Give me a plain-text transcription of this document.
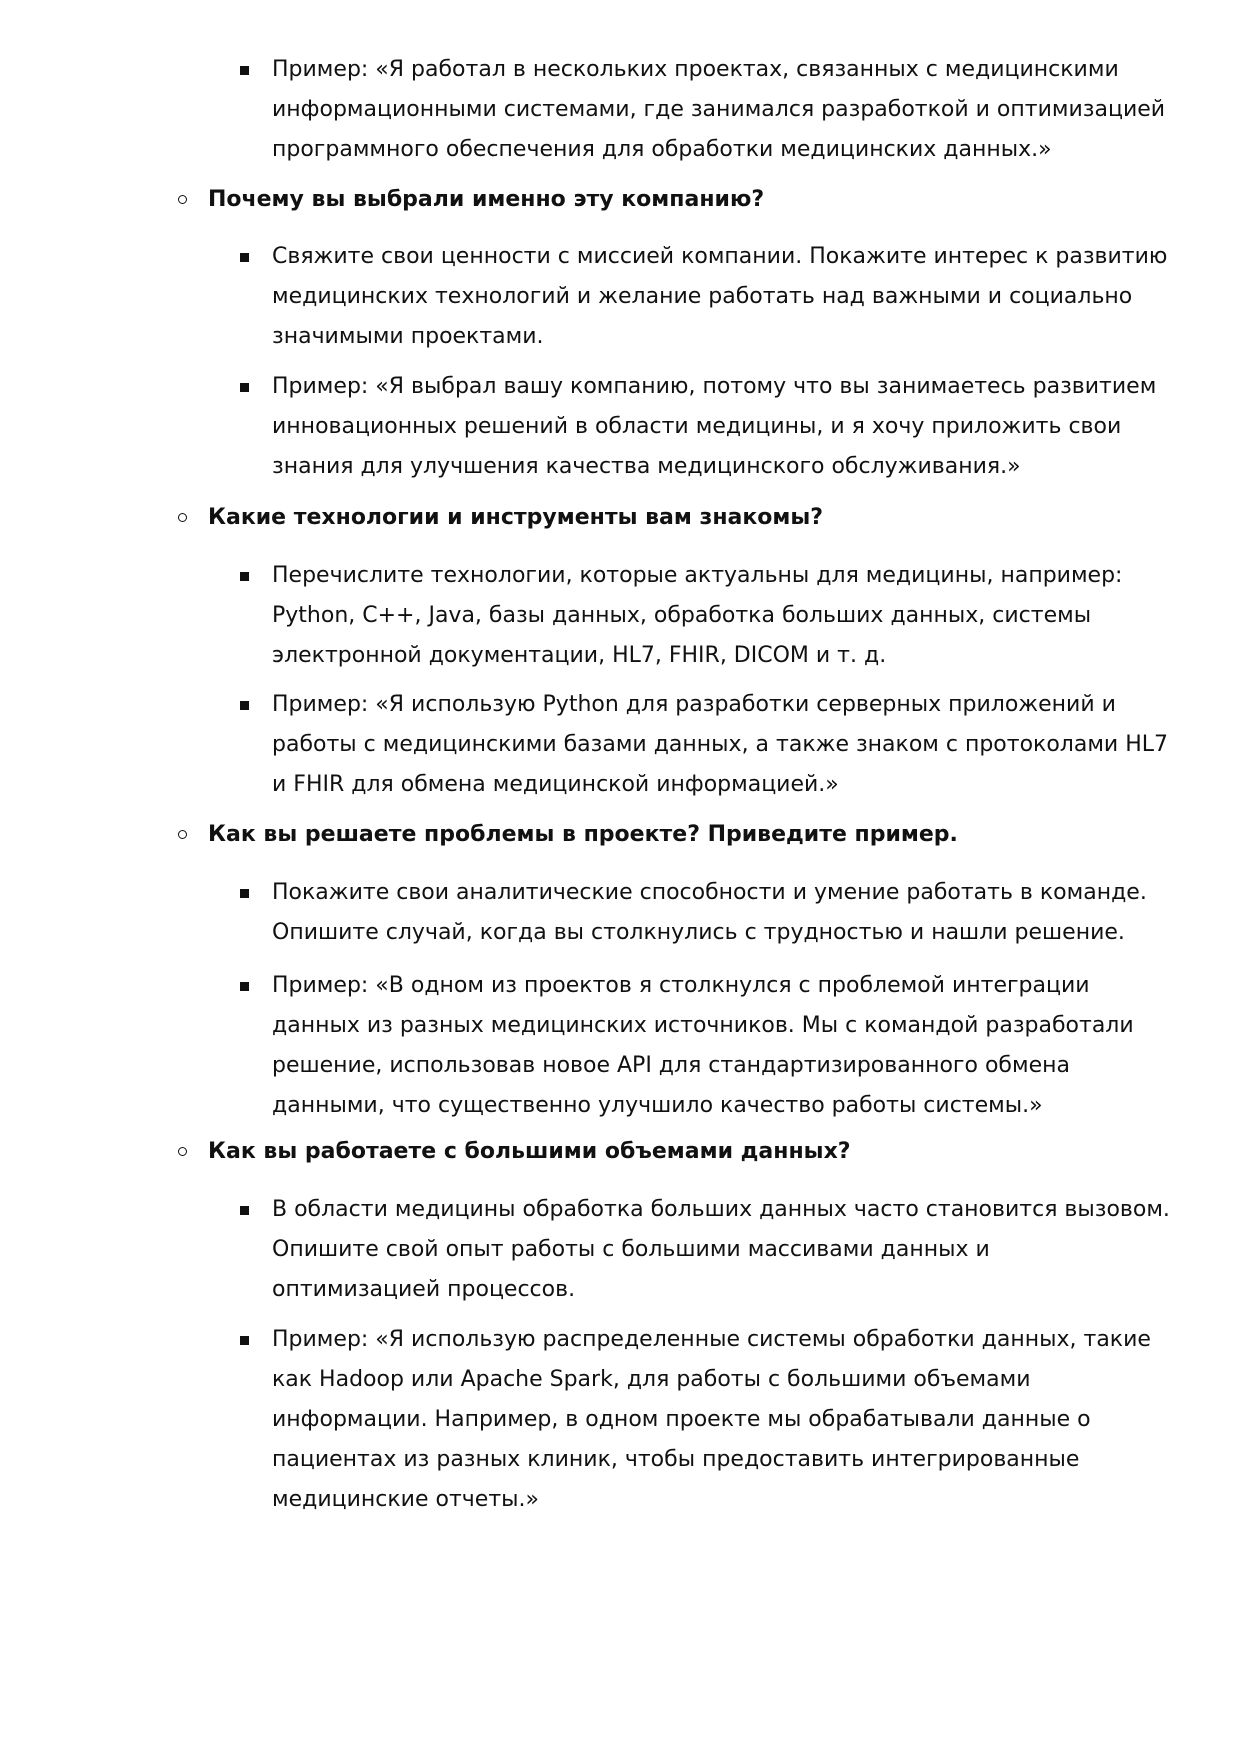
Пример: «Я работал в нескольких проектах, связанных с медицинскими
информационными системами, где занимался разработкой и оптимизацией
программного обеспечения для обработки медицинских данных.»
Почему вы выбрали именно эту компанию?
Свяжите свои ценности с миссией компании. Покажите интерес к развитию
медицинских технологий и желание работать над важными и социально
значимыми проектами.
Пример: «Я выбрал вашу компанию, потому что вы занимаетесь развитием
инновационных решений в области медицины, и я хочу приложить свои
знания для улучшения качества медицинского обслуживания.»
Какие технологии и инструменты вам знакомы?
Перечислите технологии, которые актуальны для медицины, например:
Python, C++, Java, базы данных, обработка больших данных, системы
электронной документации, HL7, FHIR, DICOM и т. д.
Пример: «Я использую Python для разработки серверных приложений и
работы с медицинскими базами данных, а также знаком с протоколами HL7
и FHIR для обмена медицинской информацией.»
Как вы решаете проблемы в проекте? Приведите пример.
Покажите свои аналитические способности и умение работать в команде.
Опишите случай, когда вы столкнулись с трудностью и нашли решение.
Пример: «В одном из проектов я столкнулся с проблемой интеграции
данных из разных медицинских источников. Мы с командой разработали
решение, использовав новое API для стандартизированного обмена
данными, что существенно улучшило качество работы системы.»
Как вы работаете с большими объемами данных?
В области медицины обработка больших данных часто становится вызовом.
Опишите свой опыт работы с большими массивами данных и
оптимизацией процессов.
Пример: «Я использую распределенные системы обработки данных, такие
как Hadoop или Apache Spark, для работы с большими объемами
информации. Например, в одном проекте мы обрабатывали данные о
пациентах из разных клиник, чтобы предоставить интегрированные
медицинские отчеты.»
